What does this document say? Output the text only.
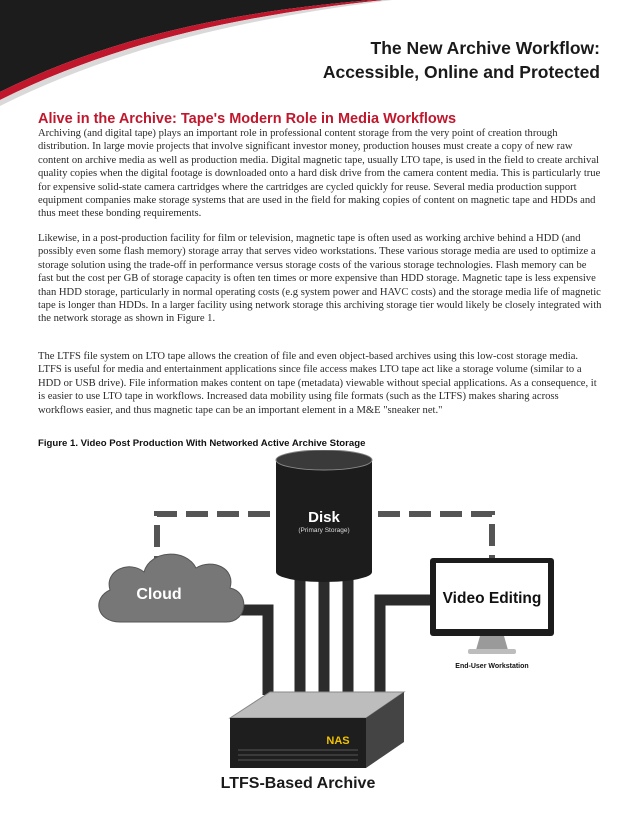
The New Archive Workflow:
Accessible, Online and Protected
Alive in the Archive: Tape's Modern Role in Media Workflows

Archiving (and digital tape) plays an important role in professional content storage from the very point of creation through distribution. In large movie projects that involve significant investor money, production houses must create a copy of new raw content on archive media as well as production media. Digital magnetic tape, usually LTO tape, is used in the field to create archival quality copies when the digital footage is downloaded onto a hard disk drive from the camera content media. This is particularly true for expensive solid-state camera cartridges where the cartridges are cycled quickly for reuse. Several media production support equipment companies make storage systems that are used in the field for making copies of content on magnetic tape and HDDs and thus meet these bonding requirements.

Likewise, in a post-production facility for film or television, magnetic tape is often used as working archive behind a HDD (and possibly even some flash memory) storage array that serves video workstations. These various storage media are used to optimize a storage solution using the trade-off in performance versus storage costs of the various storage technologies. Flash memory can be fast but the cost per GB of storage capacity is often ten times or more expensive than HDD storage. Magnetic tape is less expensive than HDD storage, particularly in normal operating costs (e.g system power and HAVC costs) and the storage media life of magnetic tape is longer than HDDs. In a larger facility using network storage this archiving storage tier would likely be closely integrated with the network storage as shown in Figure 1.

The LTFS file system on LTO tape allows the creation of file and even object-based archives using this low-cost storage media. LTFS is useful for media and entertainment applications since file access makes LTO tape act like a storage volume (similar to a HDD or USB drive). File information makes content on tape (metadata) viewable without special applications. As a consequence, it is easier to use LTO tape in workflows. Increased data mobility using file formats (such as the LTFS) makes sharing across workflows easier, and thus magnetic tape can be an important element in a M&E "sneaker net."

Figure 1. Video Post Production With Networked Active Archive Storage
Disk
(Primary Storage)
Cloud	Video Editing
End-User Workstation
NAS
LTFS-Based Archive
